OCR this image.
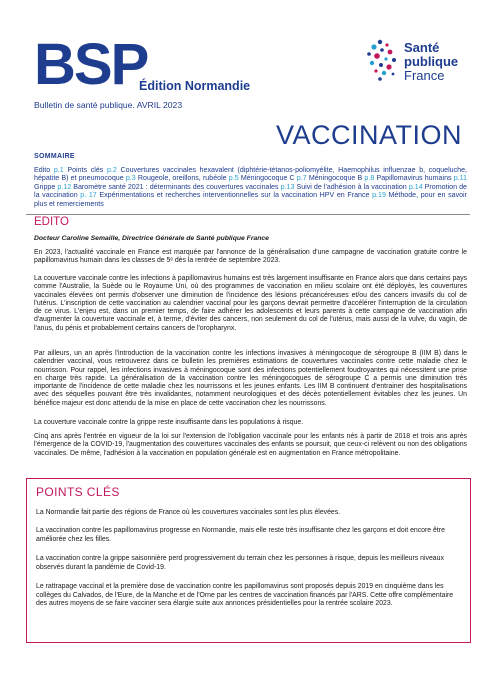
BSP
Édition Normandie
Bulletin de santé publique. AVRIL 2023
Santé
publique
France
VACCINATION
SOMMAIRE
Edito p.1 Points clés p.2 Couvertures vaccinales hexavalent (diphtérie-tétanos-poliomyélite, Haemophilus influenzae b, coqueluche, hépatite B) et pneumocoque p.3 Rougeole, oreillons, rubéole p.5 Méningocoque C p.7 Méningocoque B p.8 Papillomavirus humains p.11 Grippe p.12 Baromètre santé 2021 : déterminants des couvertures vaccinales p.13 Suivi de l'adhésion à la vaccination p.14 Promotion de la vaccination p. 17 Expérimentations et recherches interventionnelles sur la vaccination HPV en France p.19 Méthode, pour en savoir plus et remerciements
EDITO
Docteur Caroline Semaille, Directrice Générale de Santé publique France
En 2023, l'actualité vaccinale en France est marquée par l'annonce de la généralisation d'une campagne de vaccination gratuite contre le papillomavirus humain dans les classes de 5ᵉ dès la rentrée de septembre 2023.
La couverture vaccinale contre les infections à papillomavirus humains est très largement insuffisante en France alors que dans certains pays comme l'Australie, la Suède ou le Royaume Uni, où des programmes de vaccination en milieu scolaire ont été déployés, les couvertures vaccinales élevées ont permis d'observer une diminution de l'incidence des lésions précancéreuses et/ou des cancers invasifs du col de l'utérus. L'inscription de cette vaccination au calendrier vaccinal pour les garçons devrait permettre d'accélérer l'interruption de la circulation de ce virus. L'enjeu est, dans un premier temps, de faire adhérer les adolescents et leurs parents à cette campagne de vaccination afin d'augmenter la couverture vaccinale et, à terme, d'éviter des cancers, non seulement du col de l'utérus, mais aussi de la vulve, du vagin, de l'anus, du pénis et probablement certains cancers de l'oropharynx.
Par ailleurs, un an après l'introduction de la vaccination contre les infections invasives à méningocoque de sérogroupe B (IIM B) dans le calendrier vaccinal, vous retrouverez dans ce bulletin les premières estimations de couvertures vaccinales contre cette maladie chez le nourrisson. Pour rappel, les infections invasives à méningocoque sont des infections potentiellement foudroyantes qui nécessitent une prise en charge très rapide. La généralisation de la vaccination contre les méningocoques de sérogroupe C a permis une diminution très importante de l'incidence de cette maladie chez les nourrissons et les jeunes enfants. Les IIM B continuent d'entrainer des hospitalisations avec des séquelles pouvant être très invalidantes, notamment neurologiques et des décès potentiellement évitables chez les jeunes. Un bénéfice majeur est donc attendu de la mise en place de cette vaccination chez les nourrissons.
La couverture vaccinale contre la grippe reste insuffisante dans les populations à risque.
Cinq ans après l'entrée en vigueur de la loi sur l'extension de l'obligation vaccinale pour les enfants nés à partir de 2018 et trois ans après l'émergence de la COVID-19, l'augmentation des couvertures vaccinales des enfants se poursuit, que ceux-ci relèvent ou non des obligations vaccinales. De même, l'adhésion à la vaccination en population générale est en augmentation en France métropolitaine.
POINTS CLÉS
La Normandie fait partie des régions de France où les couvertures vaccinales sont les plus élevées.
La vaccination contre les papillomavirus progresse en Normandie, mais elle reste très insuffisante chez les garçons et doit encore être améliorée chez les filles.
La vaccination contre la grippe saisonnière perd progressivement du terrain chez les personnes à risque, depuis les meilleurs niveaux observés durant la pandémie de Covid-19.
Le rattrapage vaccinal et la première dose de vaccination contre les papillomavirus sont proposés depuis 2019 en cinquième dans les collèges du Calvados, de l'Eure, de la Manche et de l'Orne par les centres de vaccination financés par l'ARS. Cette offre complémentaire des autres moyens de se faire vacciner sera élargie suite aux annonces présidentielles pour la rentrée scolaire 2023.
